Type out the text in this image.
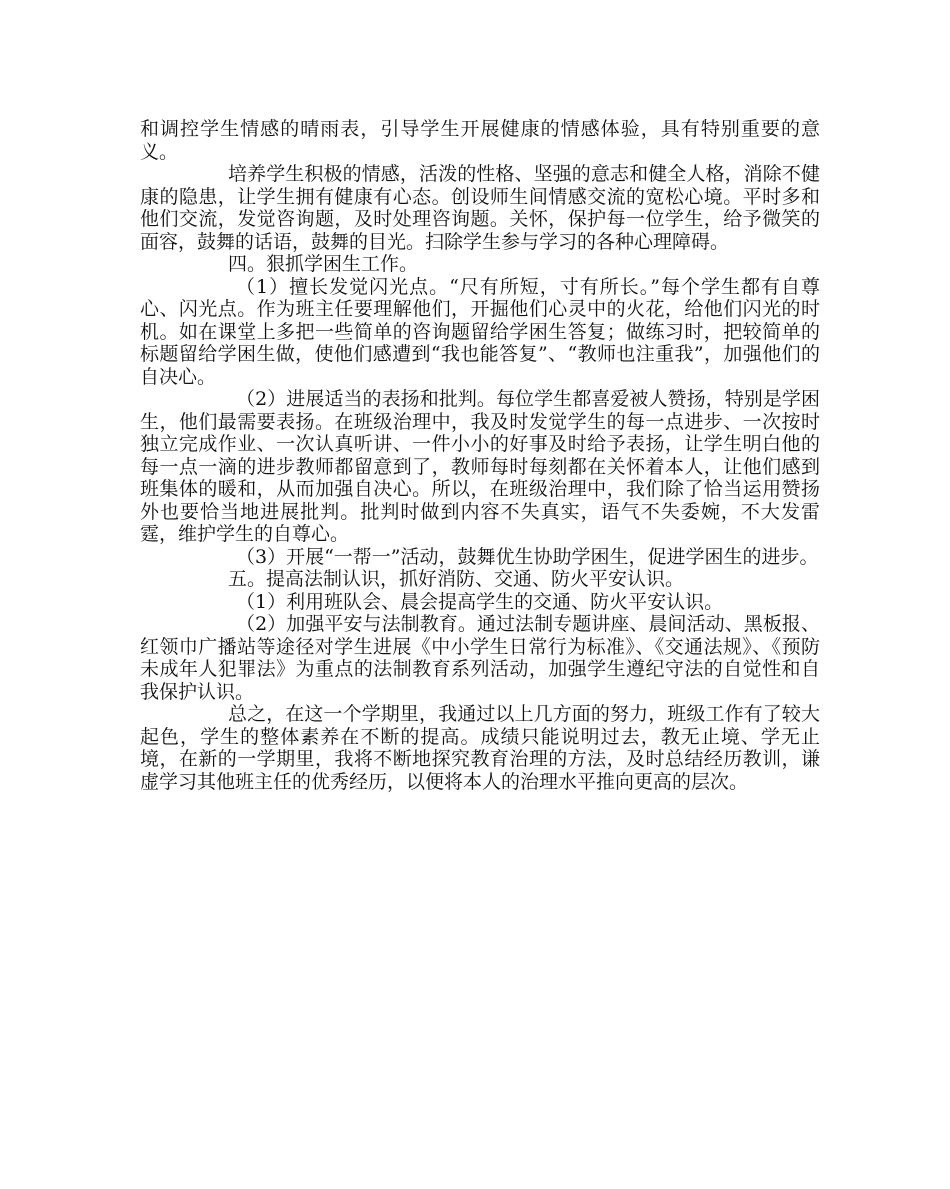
和调控学生情感的晴雨表，引导学生开展健康的情感体验，具有特别重要的意义。

培养学生积极的情感，活泼的性格、坚强的意志和健全人格，消除不健康的隐患，让学生拥有健康有心态。创设师生间情感交流的宽松心境。平时多和他们交流，发觉咨询题，及时处理咨询题。关怀，保护每一位学生，给予微笑的面容，鼓舞的话语，鼓舞的目光。扫除学生参与学习的各种心理障碍。

四。狠抓学困生工作。

（1）擅长发觉闪光点。“尺有所短，寸有所长。”每个学生都有自尊心、闪光点。作为班主任要理解他们，开掘他们心灵中的火花，给他们闪光的时机。如在课堂上多把一些简单的咨询题留给学困生答复；做练习时，把较简单的标题留给学困生做，使他们感遭到“我也能答复”、“教师也注重我”，加强他们的自决心。

（2）进展适当的表扬和批判。每位学生都喜爱被人赞扬，特别是学困生，他们最需要表扬。在班级治理中，我及时发觉学生的每一点进步、一次按时独立完成作业、一次认真听讲、一件小小的好事及时给予表扬，让学生明白他的每一点一滴的进步教师都留意到了，教师每时每刻都在关怀着本人，让他们感到班集体的暖和，从而加强自决心。所以，在班级治理中，我们除了恰当运用赞扬外也要恰当地进展批判。批判时做到内容不失真实，语气不失委婉，不大发雷霆，维护学生的自尊心。

（3）开展“一帮一”活动，鼓舞优生协助学困生，促进学困生的进步。

五。提高法制认识，抓好消防、交通、防火平安认识。

（1）利用班队会、晨会提高学生的交通、防火平安认识。

（2）加强平安与法制教育。通过法制专题讲座、晨间活动、黑板报、红领巾广播站等途径对学生进展《中小学生日常行为标准》、《交通法规》、《预防未成年人犯罪法》为重点的法制教育系列活动，加强学生遵纪守法的自觉性和自我保护认识。

总之，在这一个学期里，我通过以上几方面的努力，班级工作有了较大起色，学生的整体素养在不断的提高。成绩只能说明过去，教无止境、学无止境，在新的一学期里，我将不断地探究教育治理的方法，及时总结经历教训，谦虚学习其他班主任的优秀经历，以便将本人的治理水平推向更高的层次。
